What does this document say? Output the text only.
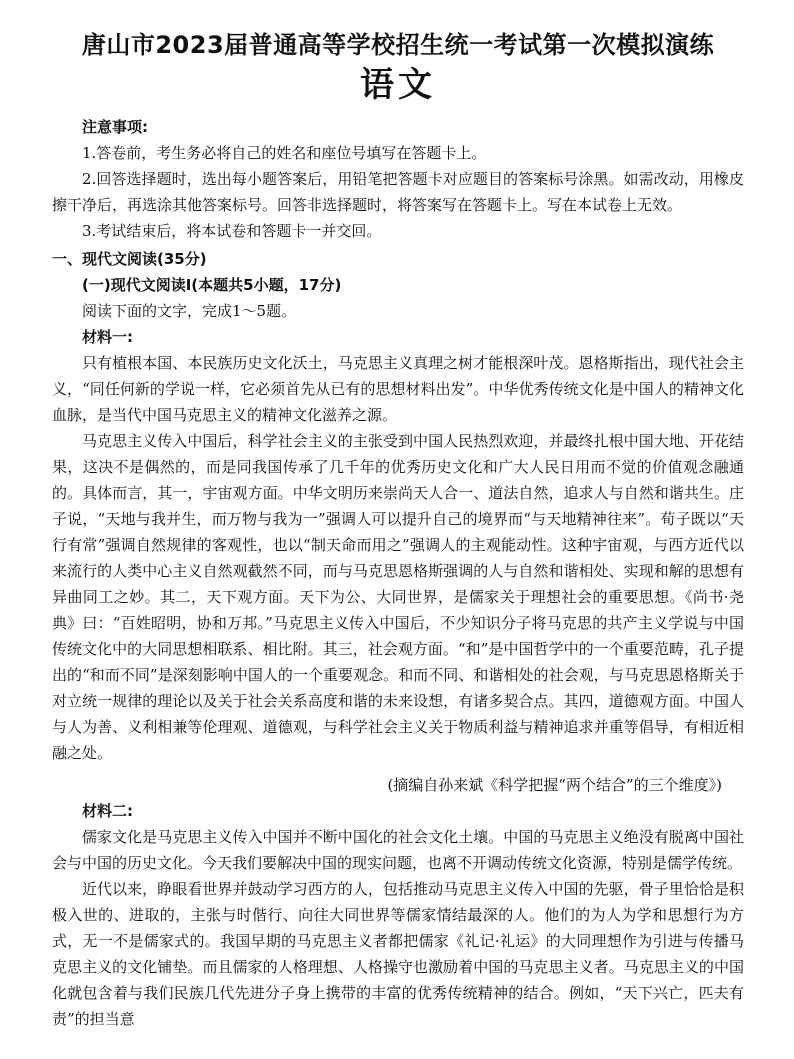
唐山市2023届普通高等学校招生统一考试第一次模拟演练
语文

注意事项:

1.答卷前，考生务必将自己的姓名和座位号填写在答题卡上。

2.回答选择题时，选出每小题答案后，用铅笔把答题卡对应题目的答案标号涂黑。如需改动，用橡皮擦干净后，再选涂其他答案标号。回答非选择题时，将答案写在答题卡上。写在本试卷上无效。

3.考试结束后，将本试卷和答题卡一并交回。

一、现代文阅读(35分)

(一)现代文阅读Ⅰ(本题共5小题，17分)

阅读下面的文字，完成1～5题。

材料一:

只有植根本国、本民族历史文化沃土，马克思主义真理之树才能根深叶茂。恩格斯指出，现代社会主义，“同任何新的学说一样，它必须首先从已有的思想材料出发”。中华优秀传统文化是中国人的精神文化血脉，是当代中国马克思主义的精神文化滋养之源。

马克思主义传入中国后，科学社会主义的主张受到中国人民热烈欢迎，并最终扎根中国大地、开花结果，这决不是偶然的，而是同我国传承了几千年的优秀历史文化和广大人民日用而不觉的价值观念融通的。具体而言，其一，宇宙观方面。中华文明历来崇尚天人合一、道法自然，追求人与自然和谐共生。庄子说，“天地与我并生，而万物与我为一”强调人可以提升自己的境界而“与天地精神往来”。荀子既以“天行有常”强调自然规律的客观性，也以“制天命而用之”强调人的主观能动性。这种宇宙观，与西方近代以来流行的人类中心主义自然观截然不同，而与马克思恩格斯强调的人与自然和谐相处、实现和解的思想有异曲同工之妙。其二，天下观方面。天下为公、大同世界，是儒家关于理想社会的重要思想。《尚书·尧典》曰：“百姓昭明，协和万邦。”马克思主义传入中国后，不少知识分子将马克思的共产主义学说与中国传统文化中的大同思想相联系、相比附。其三，社会观方面。“和”是中国哲学中的一个重要范畴，孔子提出的“和而不同”是深刻影响中国人的一个重要观念。和而不同、和谐相处的社会观，与马克思恩格斯关于对立统一规律的理论以及关于社会关系高度和谐的未来设想，有诸多契合点。其四，道德观方面。中国人与人为善、义利相兼等伦理观、道德观，与科学社会主义关于物质利益与精神追求并重等倡导，有相近相融之处。

(摘编自孙来斌《科学把握“两个结合”的三个维度》)

材料二:

儒家文化是马克思主义传入中国并不断中国化的社会文化土壤。中国的马克思主义绝没有脱离中国社会与中国的历史文化。今天我们要解决中国的现实问题，也离不开调动传统文化资源，特别是儒学传统。

近代以来，睁眼看世界并鼓动学习西方的人，包括推动马克思主义传入中国的先驱，骨子里恰恰是积极入世的、进取的，主张与时偕行、向往大同世界等儒家情结最深的人。他们的为人为学和思想行为方式，无一不是儒家式的。我国早期的马克思主义者都把儒家《礼记·礼运》的大同理想作为引进与传播马克思主义的文化铺垫。而且儒家的人格理想、人格操守也激励着中国的马克思主义者。马克思主义的中国化就包含着与我们民族几代先进分子身上携带的丰富的优秀传统精神的结合。例如，“天下兴亡，匹夫有责”的担当意
